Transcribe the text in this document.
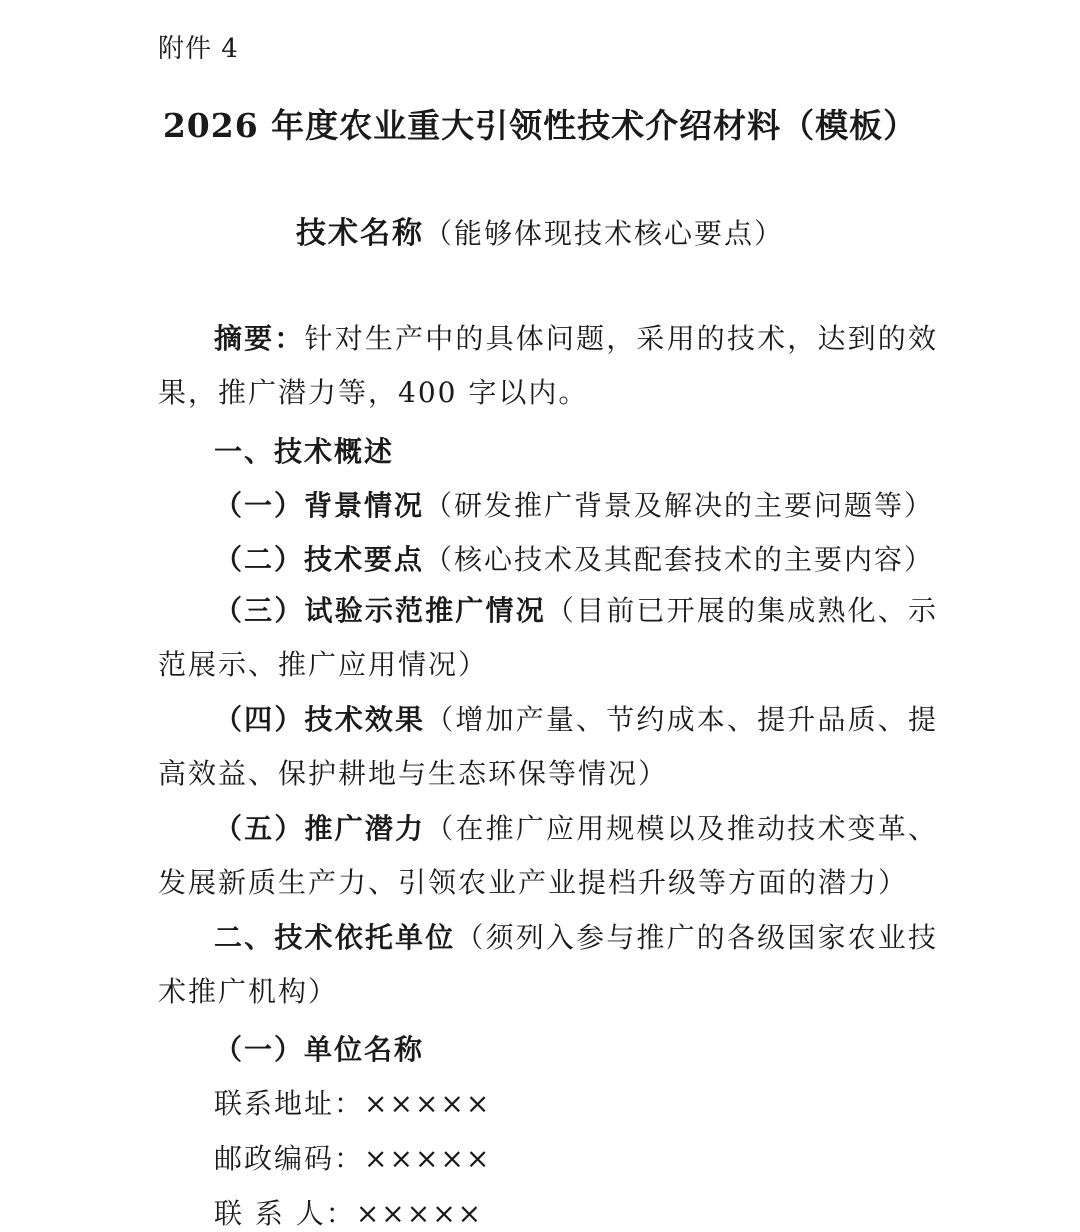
附件 4
2026 年度农业重大引领性技术介绍材料（模板）
技术名称（能够体现技术核心要点）
摘要：针对生产中的具体问题，采用的技术，达到的效果，推广潜力等，400 字以内。
一、技术概述
（一）背景情况（研发推广背景及解决的主要问题等）
（二）技术要点（核心技术及其配套技术的主要内容）
（三）试验示范推广情况（目前已开展的集成熟化、示范展示、推广应用情况）
（四）技术效果（增加产量、节约成本、提升品质、提高效益、保护耕地与生态环保等情况）
（五）推广潜力（在推广应用规模以及推动技术变革、发展新质生产力、引领农业产业提档升级等方面的潜力）
二、技术依托单位（须列入参与推广的各级国家农业技术推广机构）
（一）单位名称
联系地址：×××××
邮政编码：×××××
联 系 人：×××××
